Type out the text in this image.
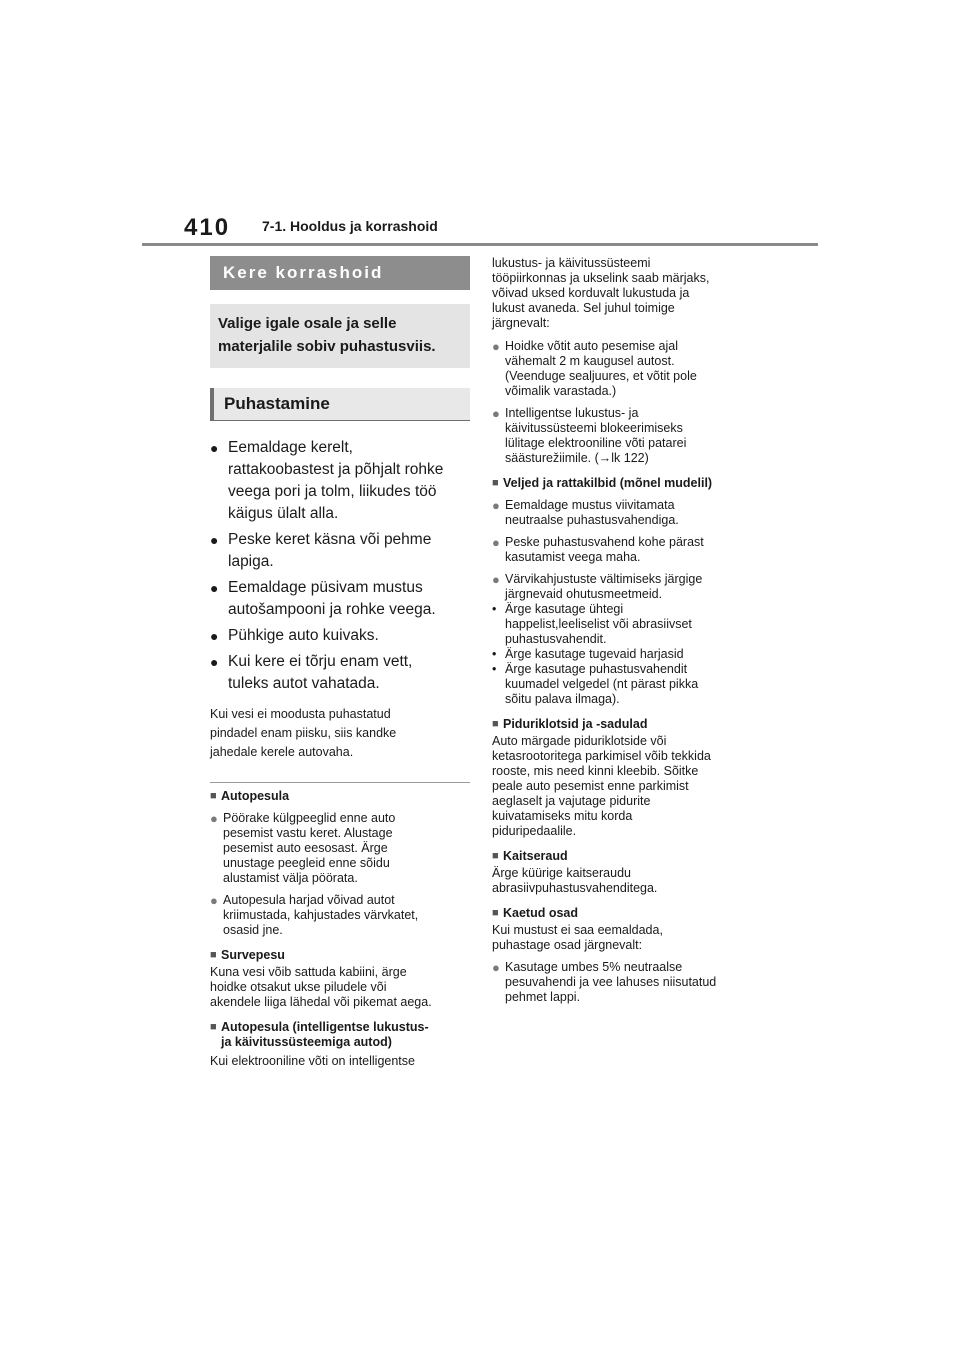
410 7-1. Hooldus ja korrashoid
Kere korrashoid
Valige igale osale ja selle
materjalile sobiv puhastusviis.
Puhastamine
● Eemaldage kerelt,
rattakoobastest ja põhjalt rohke
veega pori ja tolm, liikudes töö
käigus ülalt alla.
● Peske keret käsna või pehme
lapiga.
● Eemaldage püsivam mustus
autošampooni ja rohke veega.
● Pühkige auto kuivaks.
● Kui kere ei tõrju enam vett,
tuleks autot vahatada.
Kui vesi ei moodusta puhastatud
pindadel enam piisku, siis kandke
jahedale kerele autovaha.
■ Autopesula
● Pöörake külgpeeglid enne auto
pesemist vastu keret. Alustage
pesemist auto eesosast. Ärge
unustage peegleid enne sõidu
alustamist välja pöörata.
● Autopesula harjad võivad autot
kriimustada, kahjustades värvkatet,
osasid jne.
■ Survepesu
Kuna vesi võib sattuda kabiini, ärge
hoidke otsakut ukse piludele või
akendele liiga lähedal või pikemat aega.
■ Autopesula (intelligentse lukustus-
ja käivitussüsteemiga autod)
Kui elektrooniline võti on intelligentse
lukustus- ja käivitussüsteemi
tööpiirkonnas ja ukselink saab märjaks,
võivad uksed korduvalt lukustuda ja
lukust avaneda. Sel juhul toimige
järgnevalt:
● Hoidke võtit auto pesemise ajal
vähemalt 2 m kaugusel autost.
(Veenduge sealjuures, et võtit pole
võimalik varastada.)
● Intelligentse lukustus- ja
käivitussüsteemi blokeerimiseks
lülitage elektrooniline võti patarei
säästurežiimile. (→lk 122)
■ Veljed ja rattakilbid (mõnel mudelil)
● Eemaldage mustus viivitamata
neutraalse puhastusvahendiga.
● Peske puhastusvahend kohe pärast
kasutamist veega maha.
● Värvikahjustuste vältimiseks järgige
järgnevaid ohutusmeetmeid.
• Ärge kasutage ühtegi
happelist,leeliselist või abrasiivset
puhastusvahendit.
• Ärge kasutage tugevaid harjasid
• Ärge kasutage puhastusvahendit
kuumadel velgedel (nt pärast pikka
sõitu palava ilmaga).
■ Piduriklotsid ja -sadulad
Auto märgade piduriklotside või
ketasrootoritega parkimisel võib tekkida
rooste, mis need kinni kleebib. Sõitke
peale auto pesemist enne parkimist
aeglaselt ja vajutage pidurite
kuivatamiseks mitu korda
piduripedaalile.
■ Kaitseraud
Ärge küürige kaitseraudu
abrasiivpuhastusvahenditega.
■ Kaetud osad
Kui mustust ei saa eemaldada,
puhastage osad järgnevalt:
● Kasutage umbes 5% neutraalse
pesuvahendi ja vee lahuses niisutatud
pehmet lappi.
